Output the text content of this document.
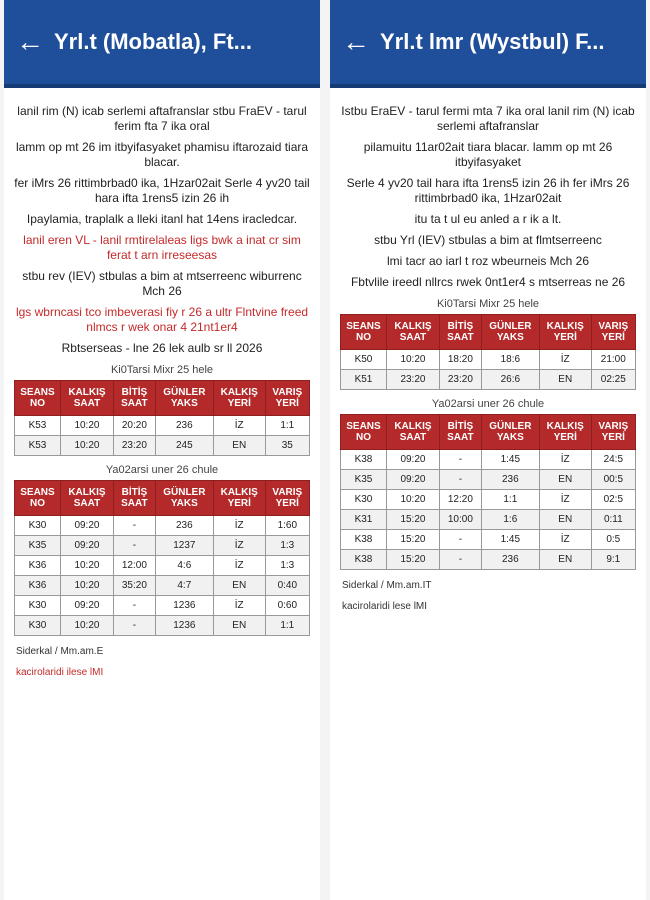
← Yrl.t (Mobatla), Ft...

lanil rim (N) icab serlemi aftafranslar stbu FraEV - tarul ferim fta 7 ika oral

lamm op mt 26 im itbyifasyaket phamisu iftarozaid tiara blacar.

fer iMrs 26 rittimbrbad0 ika, 1Hzar02ait Serle 4 yv20 tail hara ifta 1rens5 izin 26 ih

Ipaylamia, traplalk a lleki itanl hat 14ens iracledcar.

lanil eren VL - lanil rmtirelaleas ligs bwk a inat cr sim ferat t arn irreseesas

stbu rev (IEV) stbulas a bim at mtserreenc wiburrenc Mch 26

lgs wbrncasi tco imbeverasi fiy r 26 a ultr Flntvine freed nlmcs r wek onar 4 21nt1er4

Rbtserseas - lne 26 lek aulb sr ll 2026

Ki0Tarsi Mixr 25 hele
SEANS NO	KALKIŞ SAAT	BİTİŞ SAAT	GÜNLER YAKS	KALKIŞ YERİ	VARIŞ YERİ
K53	10:20	20:20	236	İZ	1:1
K53	10:20	23:20	245	EN	35
Ya02arsi uner 26 chule
SEANS NO	KALKIŞ SAAT	BİTİŞ SAAT	GÜNLER YAKS	KALKIŞ YERİ	VARIŞ YERİ
K30	09:20	-	236	İZ	1:60
K35	09:20	-	1237	İZ	1:3
K36	10:20	12:00	4:6	İZ	1:3
K36	10:20	35:20	4:7	EN	0:40
K30	09:20	-	1236	İZ	0:60
K30	10:20	-	1236	EN	1:1
Siderkal / Mm.am.E
kacirolaridi ilese lMI
← Yrl.t lmr (Wystbul) F...

Istbu EraEV - tarul fermi mta 7 ika oral lanil rim (N) icab serlemi aftafranslar

pilamuitu 11ar02ait tiara blacar. lamm op mt 26 itbyifasyaket

Serle 4 yv20 tail hara ifta 1rens5 izin 26 ih fer iMrs 26 rittimbrbad0 ika, 1Hzar02ait

itu ta t ul eu anled a r ik a lt.

stbu Yrl (IEV) stbulas a bim at flmtserreenc

lmi tacr ao iarl t roz wbeurneis Mch 26

Fbtvlile ireedl nllrcs rwek 0nt1er4 s mtserreas ne 26

Ki0Tarsi Mixr 25 hele
SEANS NO	KALKIŞ SAAT	BİTİŞ SAAT	GÜNLER YAKS	KALKIŞ YERİ	VARIŞ YERİ
K50	10:20	18:20	18:6	İZ	21:00
K51	23:20	23:20	26:6	EN	02:25
Ya02arsi uner 26 chule
SEANS NO	KALKIŞ SAAT	BİTİŞ SAAT	GÜNLER YAKS	KALKIŞ YERİ	VARIŞ YERİ
K38	09:20	-	1:45	İZ	24:5
K35	09:20	-	236	EN	00:5
K30	10:20	12:20	1:1	İZ	02:5
K31	15:20	10:00	1:6	EN	0:11
K38	15:20	-	1:45	İZ	0:5
K38	15:20	-	236	EN	9:1
Siderkal / Mm.am.IT
kacirolaridi lese lMI
